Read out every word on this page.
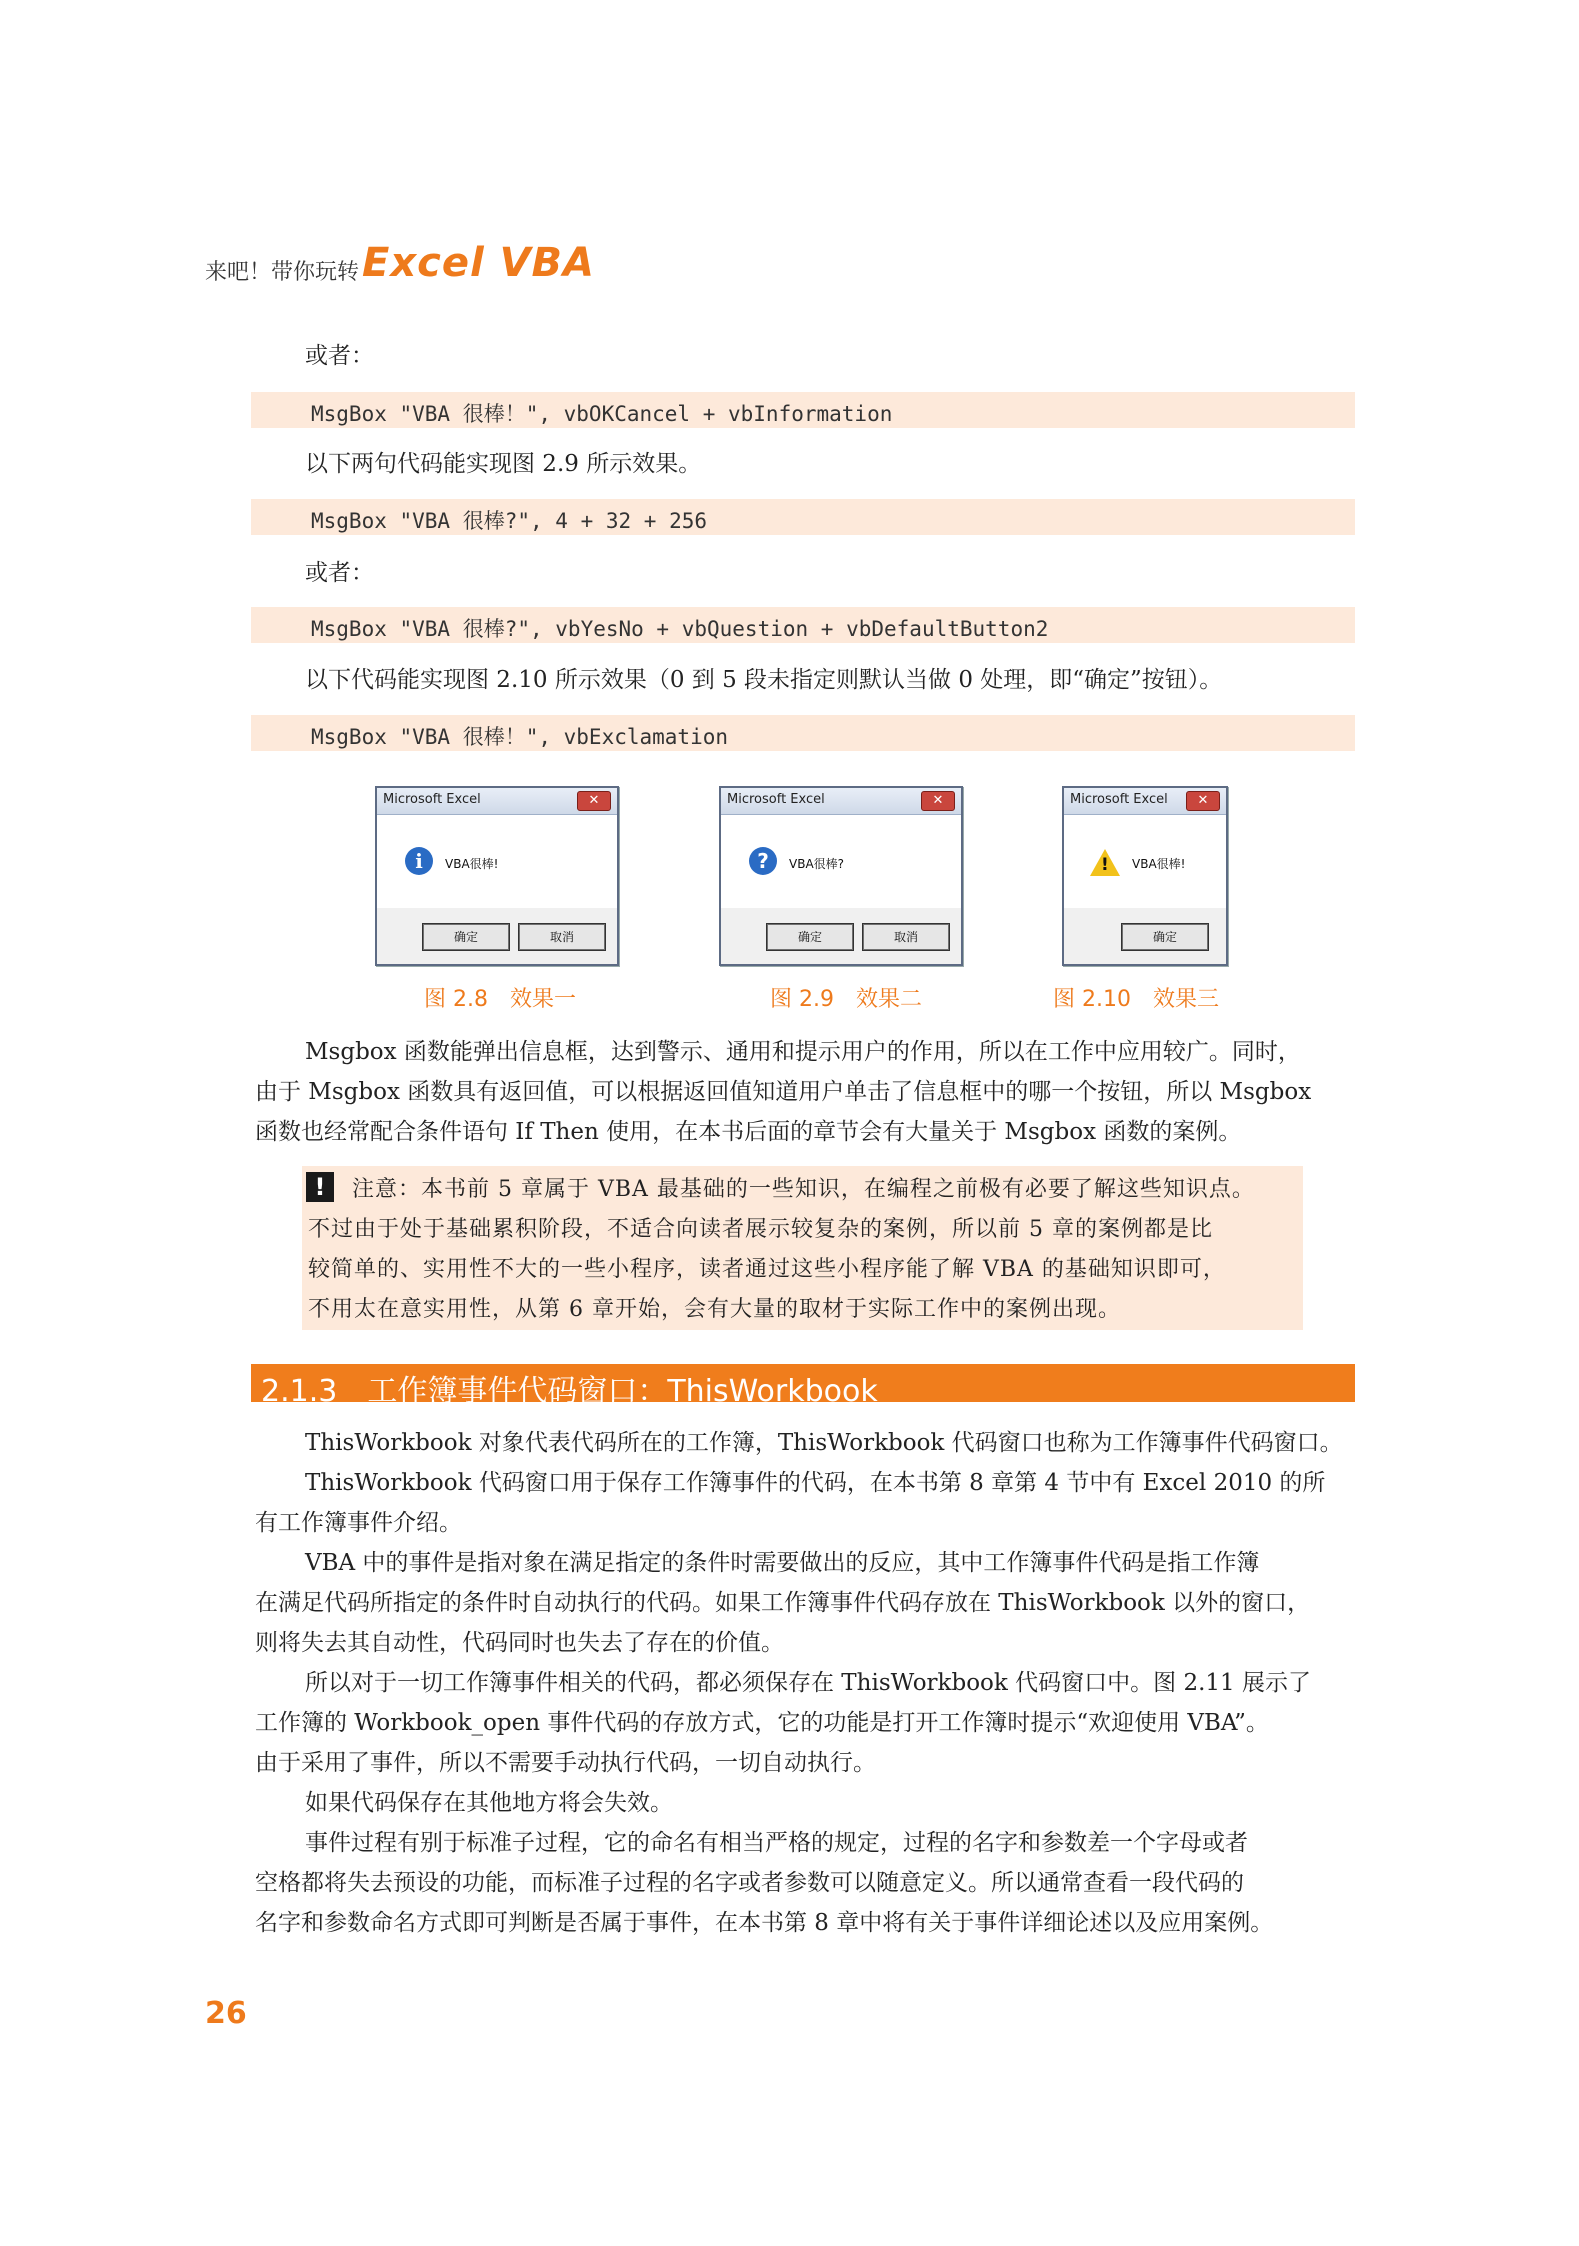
来吧！带你玩转 Excel VBA
或者：
MsgBox "VBA 很棒！", vbOKCancel + vbInformation
以下两句代码能实现图 2.9 所示效果。
MsgBox "VBA 很棒?", 4 + 32 + 256
或者：
MsgBox "VBA 很棒?", vbYesNo + vbQuestion + vbDefaultButton2
以下代码能实现图 2.10 所示效果（0 到 5 段未指定则默认当做 0 处理，即“确定”按钮）。
MsgBox "VBA 很棒！", vbExclamation
Microsoft Excel	✕
i	VBA很棒!
确定	取消
图 2.8　效果一
Microsoft Excel	✕
?	VBA很棒?
确定	取消
图 2.9　效果二
Microsoft Excel	✕
! VBA很棒!
确定
图 2.10　效果三
Msgbox 函数能弹出信息框，达到警示、通用和提示用户的作用，所以在工作中应用较广。同时，
由于 Msgbox 函数具有返回值，可以根据返回值知道用户单击了信息框中的哪一个按钮，所以 Msgbox
函数也经常配合条件语句 If Then 使用，在本书后面的章节会有大量关于 Msgbox 函数的案例。
!	注意：本书前 5 章属于 VBA 最基础的一些知识，在编程之前极有必要了解这些知识点。
不过由于处于基础累积阶段，不适合向读者展示较复杂的案例，所以前 5 章的案例都是比
较简单的、实用性不大的一些小程序，读者通过这些小程序能了解 VBA 的基础知识即可，
不用太在意实用性，从第 6 章开始，会有大量的取材于实际工作中的案例出现。
2.1.3　工作簿事件代码窗口：ThisWorkbook
ThisWorkbook 对象代表代码所在的工作簿，ThisWorkbook 代码窗口也称为工作簿事件代码窗口。
ThisWorkbook 代码窗口用于保存工作簿事件的代码，在本书第 8 章第 4 节中有 Excel 2010 的所
有工作簿事件介绍。
VBA 中的事件是指对象在满足指定的条件时需要做出的反应，其中工作簿事件代码是指工作簿
在满足代码所指定的条件时自动执行的代码。如果工作簿事件代码存放在 ThisWorkbook 以外的窗口，
则将失去其自动性，代码同时也失去了存在的价值。
所以对于一切工作簿事件相关的代码，都必须保存在 ThisWorkbook 代码窗口中。图 2.11 展示了
工作簿的 Workbook_open 事件代码的存放方式，它的功能是打开工作簿时提示“欢迎使用 VBA”。
由于采用了事件，所以不需要手动执行代码，一切自动执行。
如果代码保存在其他地方将会失效。
事件过程有别于标准子过程，它的命名有相当严格的规定，过程的名字和参数差一个字母或者
空格都将失去预设的功能，而标准子过程的名字或者参数可以随意定义。所以通常查看一段代码的
名字和参数命名方式即可判断是否属于事件，在本书第 8 章中将有关于事件详细论述以及应用案例。
26
